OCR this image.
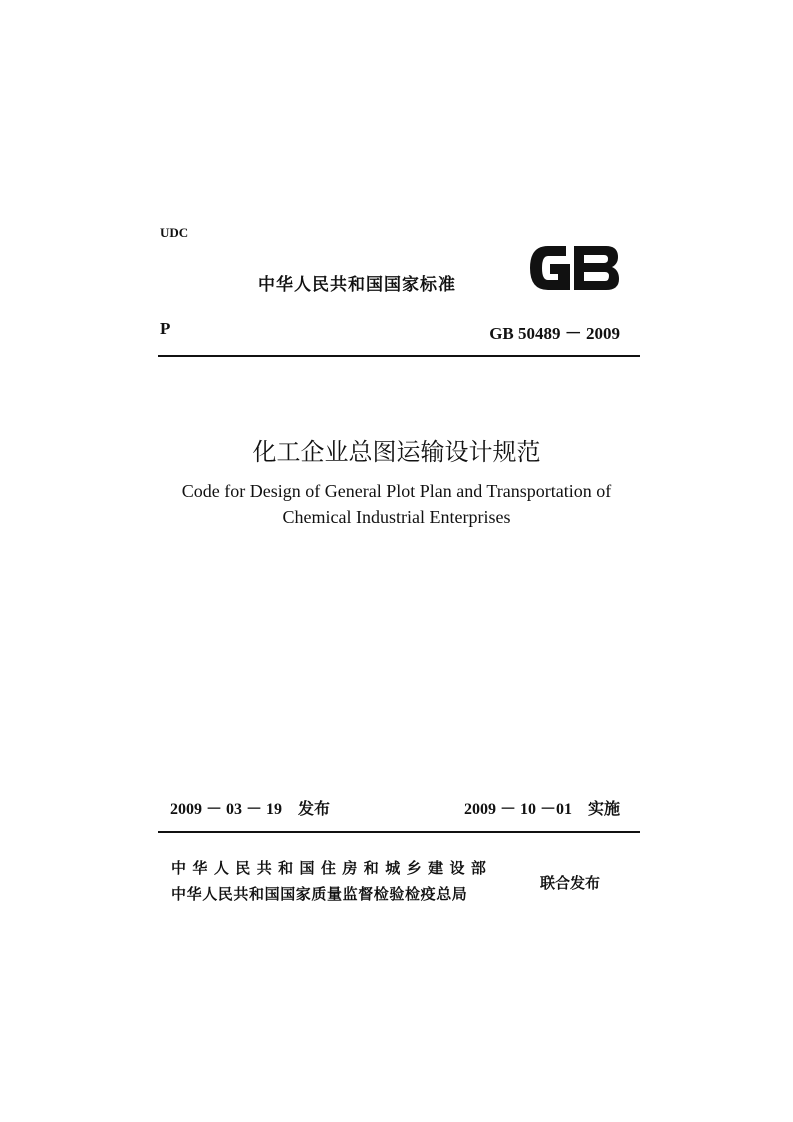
UDC
中华人民共和国国家标准
P	GB 50489 － 2009
化工企业总图运输设计规范
Code for Design of General Plot Plan and Transportation of
Chemical Industrial Enterprises
2009 － 03 － 19　发布	2009 － 10 －01　实施
中 华 人 民 共 和 国 住 房 和 城 乡 建 设 部
中华人民共和国国家质量监督检验检疫总局
联合发布
